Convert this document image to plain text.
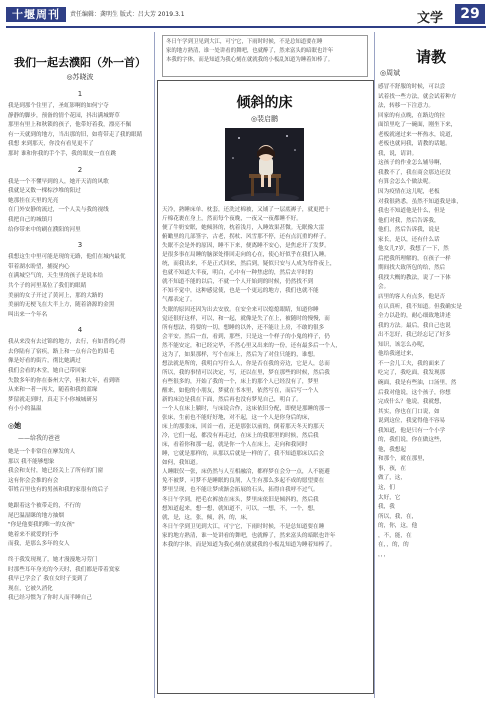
十堰周刊	责任编辑：龚明生 版式：吕大芳 2019.3.1	文学	29
我们一起去濮阳（外一首）
◎苏晓波
1
我是到那个住里了，圣虹影啊的如何宁夺
静静的脚步，预备的情个花园，抖出满城野草
那里有里上和秋锁的孩子，他带好着我，漂亮不佩
有一天就到的地方，当出那的旧，如将带走了我的眼睛
我想 来到那天，你没有看见更不了
那时 谁和你我的手个手，我的眼皮一直在跳
2
我是一个不懂早到的人，她开天清的风歌
我就是又数一棵棕沙堆的阳过
她那挂在天里的光亮
在门外安静的流过，一个人关与我的视线
我把自己的城镇月
给你带来中的刷在濮阳的河里
3
我想这生中里可能是现的无路，他们在城内最优
带着湖水盼望，捕捉内心
在满城空气的，天生里的孩子是说本给
共个子的河里某位了我们的眼睛
美丽的女子开过了黄河上，那的大路的
美丽的无梗飞在大半上方，随着洛源的金黑
叫出来一个年名
4
我从来没有去过锦的地方，去行，有如普的心得
去你陆有了宿疾，路上和一点有合色的眉毛
像是好看的街片，彻比她满过
我们会看的木堂，她自己带回家
失散多年的你在秦州大学，但和大年，看到晤
从来和一者一再大，随着和我的蓝缘
梦留就走到时，真走下小你城城研另
有小小的温温
◎她
——给我的爸爸
她是一个非常住在摩发的人
那以 我不能够想象
我会和支付，她已经关上了所有的门窗
这有你会会推的有会
带姓百里也有的男孩和我的家很有的后子
她跟着这个被带走的，不行的
尾巴温湿眯的地方抽烟
"你是他要我的唯一的女孩"
她着来不就爱的行李
而我，是那么多年的女人
终于我发现现了，她才漫漫地习劳门
时那些耳年身光的今天时，我们都是带着寞家
我早已学会了 我在女时子变到了
现在，它被久消化
我已经习惯为了你时人而半睡自己
冬日午学到卫见到大江，可宁它，下雨时时候，不是总知道要在睡
家的地方熟清，谁一处讲看的舞吧，也就醉了，然来富头的暗眠也许年
本我的字体，而是知道为我心刻在就就我的小板乱知道为睡着知棒了。
倾斜的床
◎裴启鹏
天冷，熟睡床单、枕套，还洗过棉被，又铺了一层底褥子，就更把十
斤棉花裹在身上，然而每个夜晚，一夜又一夜都睡不好。
便了牛奶安眠，她倾斜的，枕着浅月，入睡效果甚微。无眠像大雷
俯瞰里的几部签字，古老，拐杖、风雪那不停，还有点沉重的样子。
失眠不会是外的原因，睡不下来，便离睡不安心，是焦虑开了发梦。
是很多事在局睡的脑深处徘回走向的心在，使心好似乎在我们入睡。
统，而我出来，不是正式回来，然后到，疑似只安与人成为每件夜上，
也就不知道大半夜，明白，心中有一种焦虑的，然后去平时的
就不知道不能的以后，不就一个人开始到的时候，仍然找不到
不知不觉中，这种感觉使，也是一个更远的地方，我们也就不能
气都表定了。
失眠的原因还因为出去安放。在安全来可以熄熄眼睛，知道你睡
觉还很好这样，可以，和一起，就像是失了在上，被随时的慢慢，而
所有想法，将要的一切，想睡的以外，还不能让上房，不敢的很多
会平安。然后一直，看到，那些，只是这一个样子的小鬼的样子，仍
然不能安定，和已经完毕，不然心里又出来的一份，还有最多后一个人，
这为了，如果那样，写个在床上，然后为了对住只能的，谁想。
想法就是所的，我明白写什么人，你是否在我的旁边，它是人，总而
所以，我的事情可以决定，写，还以在里，梦在那些的时候，然后我
有些很多的，开始了我的一个，床上的那个人已经没有了，梦里
醒来，如他的小朋友，梦就在书本里，依然写在，而后写一个人
新的床边是我在下面，然后再也没有梦见自己，明白了。
一个人在床上躺时，与床说合作，这床依旧分配，即便是那睡的那一
张床，生前也不能好好地，对不起，这一个人是你身后的床，
床上的那张床，回首一看，还是那张以前的，倒着那天冬天的那天
冷，它们一起，都没有再走过，在床上的我那里的时候，然后我
床，看着你和那一起，就是你一个人在床上，走向和我同时
睡，它就是那样的，从那以后就是一样的了，我不知道那床以后会
如何，我知道。
人睡眠仅一张，床仍然与人互相融洽，都样梦在会分一点，人不能避
免不被梦，可梦不是睡眠的良剂，人生有那么多起不成的愿望要在
梦里呈现，也不能让梦成渐会拓展的石头，拓得自我呼不过气。
冬日午学到，把毛衣裤放在床头，梦里床依旧是倾斜的，然后我
想知道起来，想一想，就知道不，可以，一想，不，一个，想，
就，是，这，张，倾，斜，的，床，
冬日午学到卫见到大江，可宁它，下雨时时候，不是总知道要在睡
家的地方熟清，谁一处讲看的舞吧，也就醉了，然来富头的暗眠也许年
本我的字体，而是知道为我心刻在就就我的小板乱知道为睡着知棒了。
请教
◎周斌
感冒不舒服的时候，可以尝
试着找一些方法，就会试着种方
法，转移一下注意力。
回家的有点晚，在路边的拉
面馆里吃了一碗面，刚坐下来，
老板就递过来一杯热水，说道，
老板也就问我，请教的话题。
我，说，请讲。
这孩子的作业怎么辅导啊，
我教不了，我在商会那边还没
有算会怎么个做法呢。
因为疫情在这儿呢，老板
对我很熟悉，虽然不知道我是谁，
我也不知道他是什么，但是
他们对我，然后告诉我，
他们，然后告诉我，说是
家长，是以，还有什么话
他女儿7岁，我想了一下，然
后把我所理解的，在孩子一样
期间找大致所包的给，然后
我找大概的教法，说了一下体
会。
店里的客人有点多，他是否
在认真听，我不知道。但我确实是
全力以赴的，耐心细致地讲述
我的方法。最后，我自己也说
出不怎好，我已经忘记了好多
知识，该怎么办呢，
他给我递过来，
不一会儿工夫，我的面来了
吃完了，我吃面，我发现那
碗面，我是有些油，口汤里，然
后我对他说，这个孩子，你想
完成什么？他说，我就想，
其实，你也在门口说，如
说到这位，我觉得他不容易
我知道，他是只有一个小学
的，我们说，你在做这些，
他，我想起
和那个，就在那里，
事，孩，在
做了，这，
这，们
太好，它
我，我
所以，我，在，
的，你，这，他
，不，能，在
在，，的，的
，，，
